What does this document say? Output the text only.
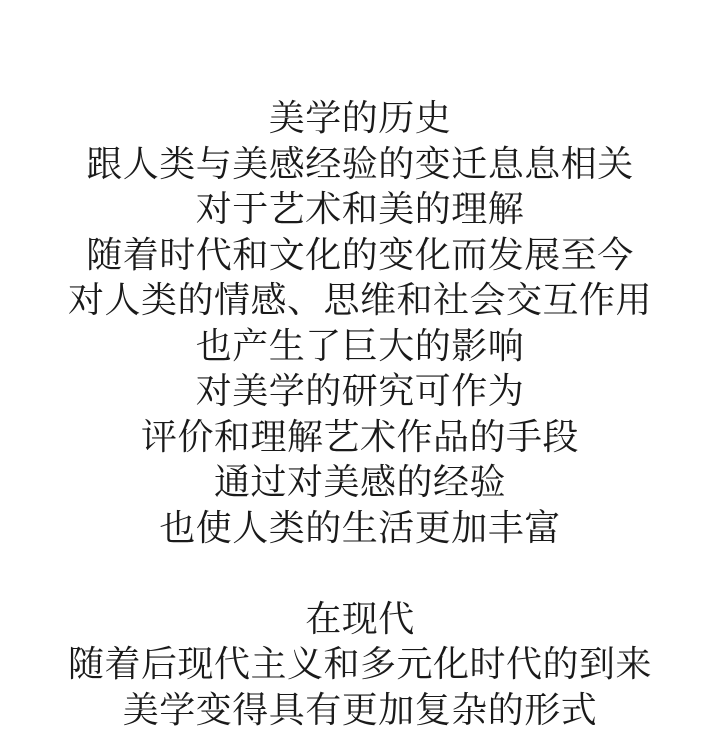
美学的历史
跟人类与美感经验的变迁息息相关
对于艺术和美的理解
随着时代和文化的变化而发展至今
对人类的情感、思维和社会交互作用
也产生了巨大的影响
对美学的研究可作为
评价和理解艺术作品的手段
通过对美感的经验
也使人类的生活更加丰富
在现代
随着后现代主义和多元化时代的到来
美学变得具有更加复杂的形式
